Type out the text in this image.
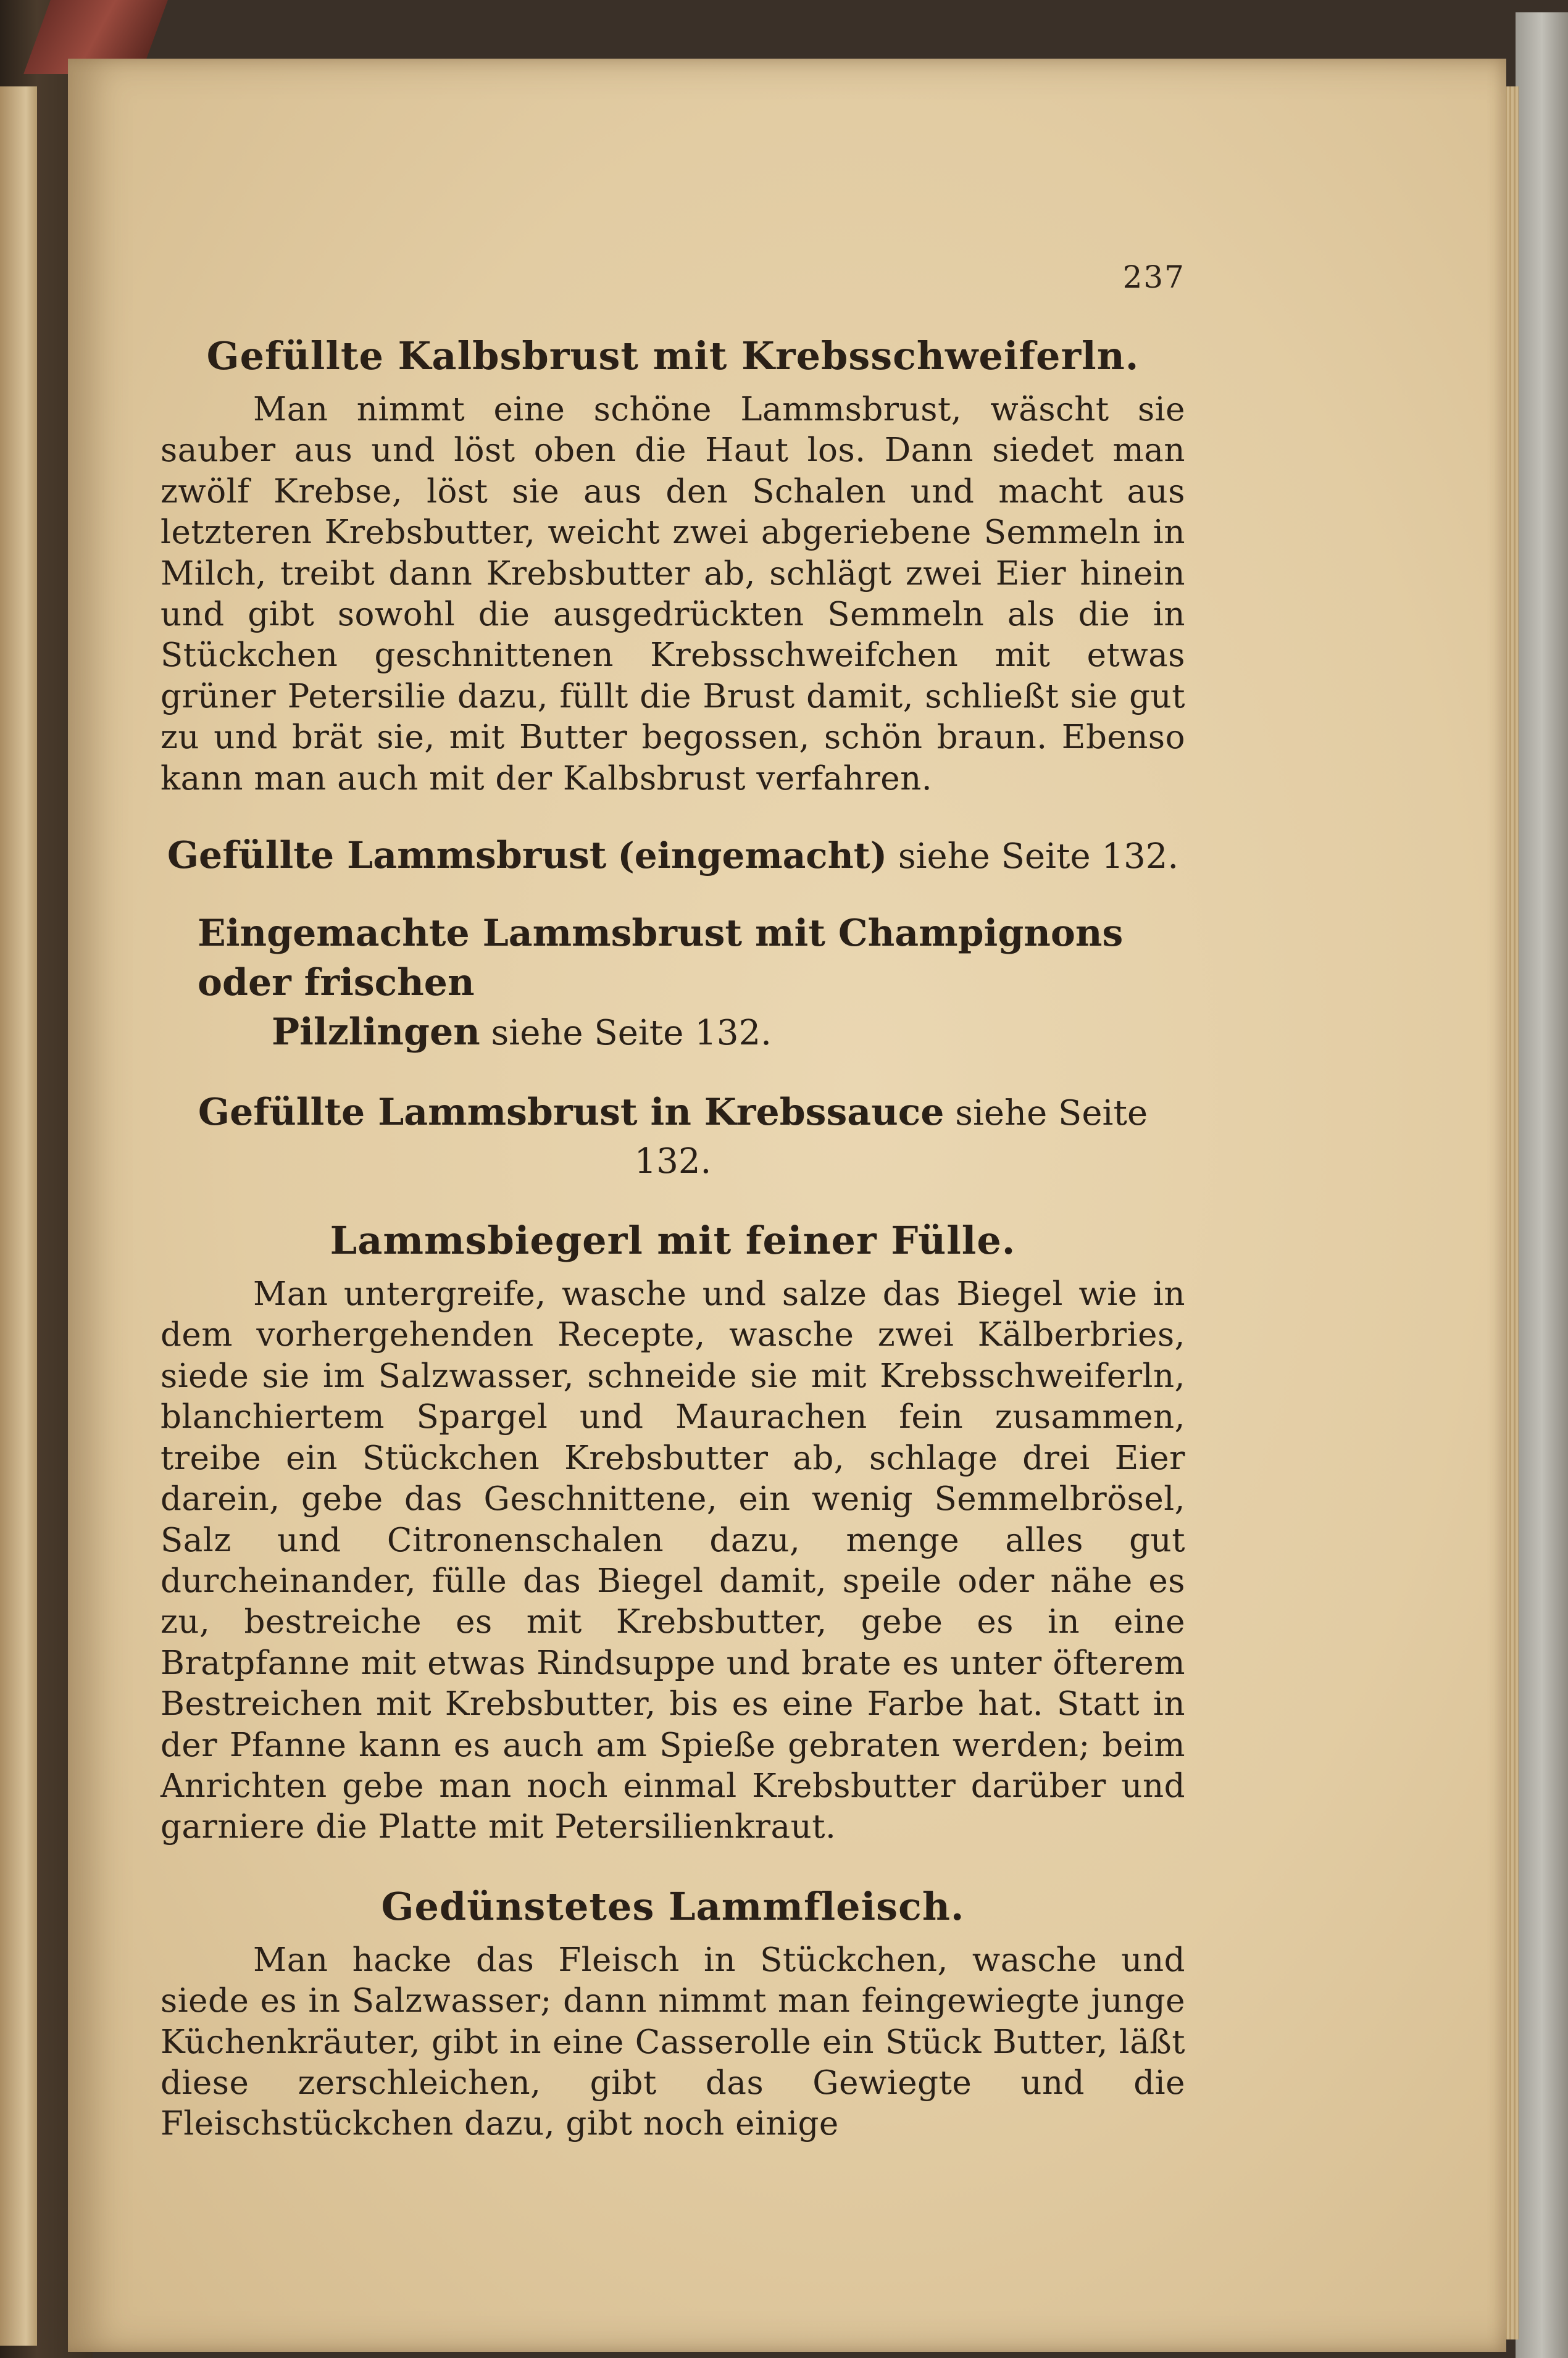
237
Gefüllte Kalbsbrust mit Krebsschweiferln.

Man nimmt eine schöne Lammsbrust, wäscht sie sauber aus und löst oben die Haut los. Dann siedet man zwölf Krebse, löst sie aus den Schalen und macht aus letzteren Krebsbutter, weicht zwei abgeriebene Semmeln in Milch, treibt dann Krebsbutter ab, schlägt zwei Eier hinein und gibt sowohl die ausgedrückten Semmeln als die in Stückchen geschnittenen Krebsschweifchen mit etwas grüner Petersilie dazu, füllt die Brust damit, schließt sie gut zu und brät sie, mit Butter begossen, schön braun. Ebenso kann man auch mit der Kalbsbrust verfahren.

Gefüllte Lammsbrust (eingemacht) siehe Seite 132.

Eingemachte Lammsbrust mit Champignons oder frischen
Pilzlingen siehe Seite 132.

Gefüllte Lammsbrust in Krebssauce siehe Seite 132.

Lammsbiegerl mit feiner Fülle.

Man untergreife, wasche und salze das Biegel wie in dem vorhergehenden Recepte, wasche zwei Kälberbries, siede sie im Salzwasser, schneide sie mit Krebsschweiferln, blanchiertem Spargel und Maurachen fein zusammen, treibe ein Stückchen Krebsbutter ab, schlage drei Eier darein, gebe das Geschnittene, ein wenig Semmelbrösel, Salz und Citronenschalen dazu, menge alles gut durcheinander, fülle das Biegel damit, speile oder nähe es zu, bestreiche es mit Krebsbutter, gebe es in eine Bratpfanne mit etwas Rindsuppe und brate es unter öfterem Bestreichen mit Krebsbutter, bis es eine Farbe hat. Statt in der Pfanne kann es auch am Spieße gebraten werden; beim Anrichten gebe man noch einmal Krebsbutter darüber und garniere die Platte mit Petersilienkraut.

Gedünstetes Lammfleisch.

Man hacke das Fleisch in Stückchen, wasche und siede es in Salzwasser; dann nimmt man feingewiegte junge Küchenkräuter, gibt in eine Casserolle ein Stück Butter, läßt diese zerschleichen, gibt das Gewiegte und die Fleischstückchen dazu, gibt noch einige
